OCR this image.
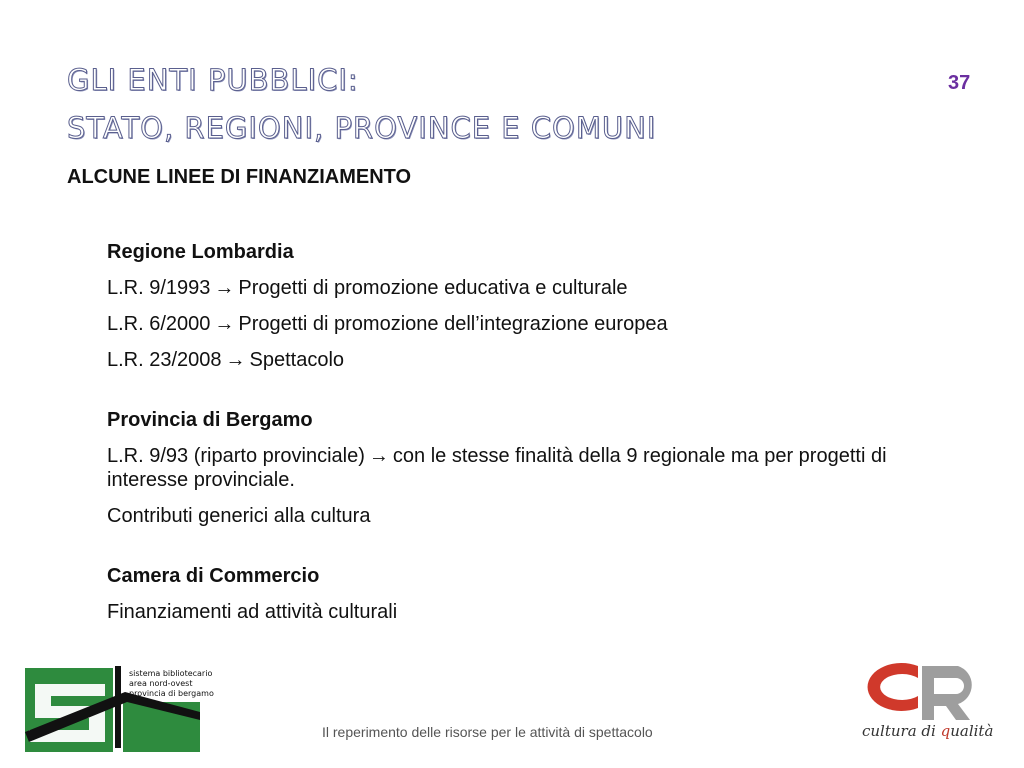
GLI ENTI PUBBLICI:
STATO, REGIONI, PROVINCE E COMUNI
37
ALCUNE LINEE DI FINANZIAMENTO
Regione Lombardia
L.R. 9/1993 → Progetti di promozione educativa e culturale
L.R. 6/2000 → Progetti di promozione dell’integrazione europea
L.R. 23/2008 → Spettacolo
Provincia di Bergamo
L.R. 9/93 (riparto provinciale) → con le stesse finalità della 9 regionale ma per progetti di interesse provinciale.
Contributi generici alla cultura
Camera di Commercio
Finanziamenti ad attività culturali
sistema bibliotecario
area nord-ovest
provincia di bergamo
Il reperimento delle risorse per le attività di spettacolo	cultura di qualità
